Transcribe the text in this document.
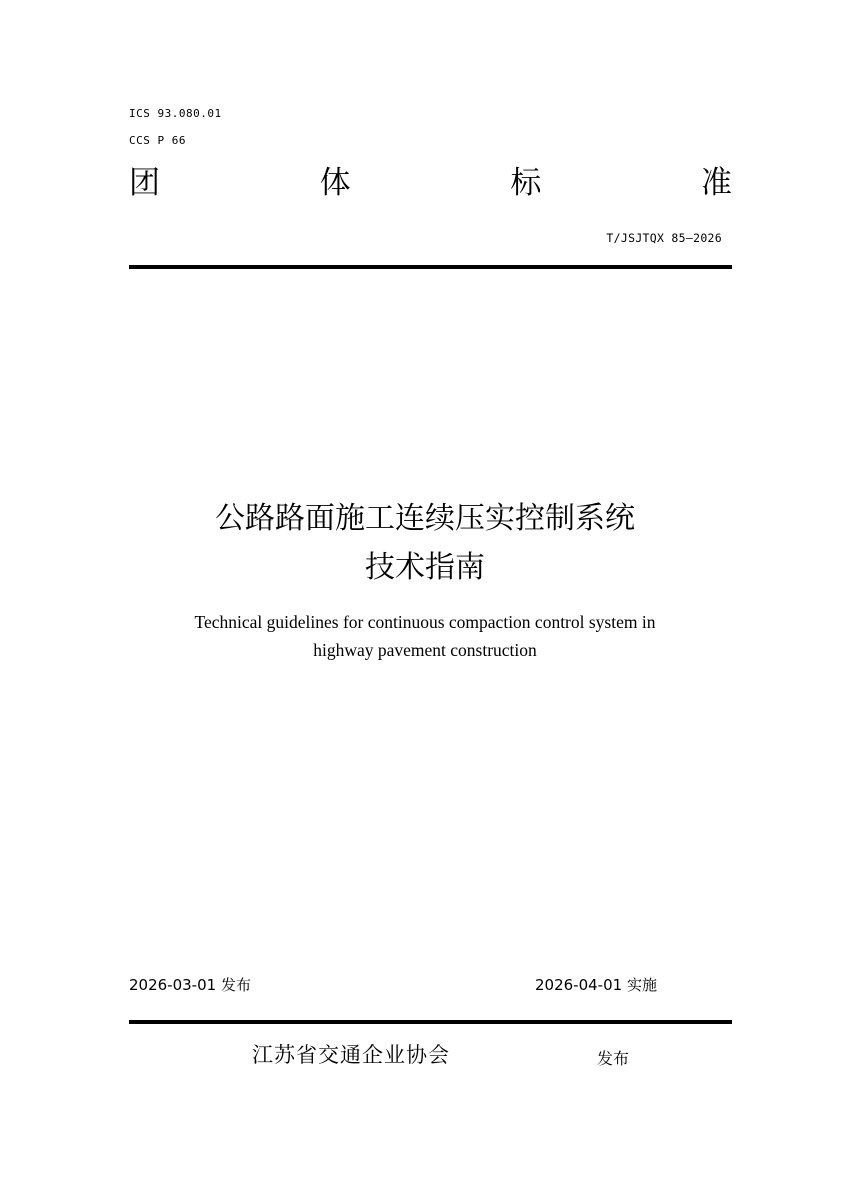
ICS 93.080.01
CCS P 66
团	体	标	准
T/JSJTQX 85—2026
公路路面施工连续压实控制系统
技术指南
Technical guidelines for continuous compaction control system in
highway pavement construction
2026-03-01 发布	2026-04-01 实施
江苏省交通企业协会	发布
